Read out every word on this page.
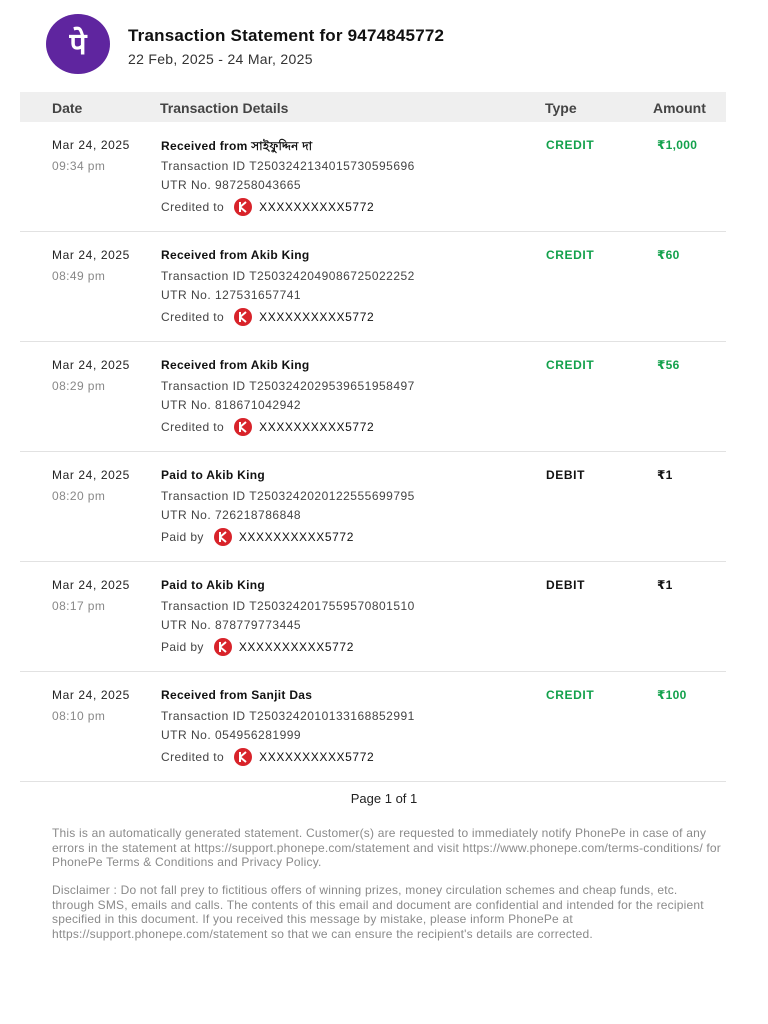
पे Transaction Statement for 9474845772
22 Feb, 2025 - 24 Mar, 2025
Date	Transaction Details	Type	Amount
Mar 24, 2025
09:34 pm
Received from সাইফুদ্দিন দা
Transaction ID T2503242134015730595696
UTR No. 987258043665
Credited to	XXXXXXXXXX5772
CREDIT	₹1,000
Mar 24, 2025
08:49 pm
Received from Akib King
Transaction ID T2503242049086725022252
UTR No. 127531657741
Credited to	XXXXXXXXXX5772
CREDIT	₹60
Mar 24, 2025
08:29 pm
Received from Akib King
Transaction ID T2503242029539651958497
UTR No. 818671042942
Credited to	XXXXXXXXXX5772
CREDIT	₹56
Mar 24, 2025
08:20 pm
Paid to Akib King
Transaction ID T2503242020122555699795
UTR No. 726218786848
Paid by	XXXXXXXXXX5772
DEBIT	₹1
Mar 24, 2025
08:17 pm
Paid to Akib King
Transaction ID T2503242017559570801510
UTR No. 878779773445
Paid by	XXXXXXXXXX5772
DEBIT	₹1
Mar 24, 2025
08:10 pm
Received from Sanjit Das
Transaction ID T2503242010133168852991
UTR No. 054956281999
Credited to	XXXXXXXXXX5772
CREDIT	₹100
Page 1 of 1
This is an automatically generated statement. Customer(s) are requested to immediately notify PhonePe in case of any errors in the statement at https://support.phonepe.com/statement and visit https://www.phonepe.com/terms-conditions/ for PhonePe Terms & Conditions and Privacy Policy.
Disclaimer : Do not fall prey to fictitious offers of winning prizes, money circulation schemes and cheap funds, etc. through SMS, emails and calls. The contents of this email and document are confidential and intended for the recipient specified in this document. If you received this message by mistake, please inform PhonePe at https://support.phonepe.com/statement so that we can ensure the recipient's details are corrected.
